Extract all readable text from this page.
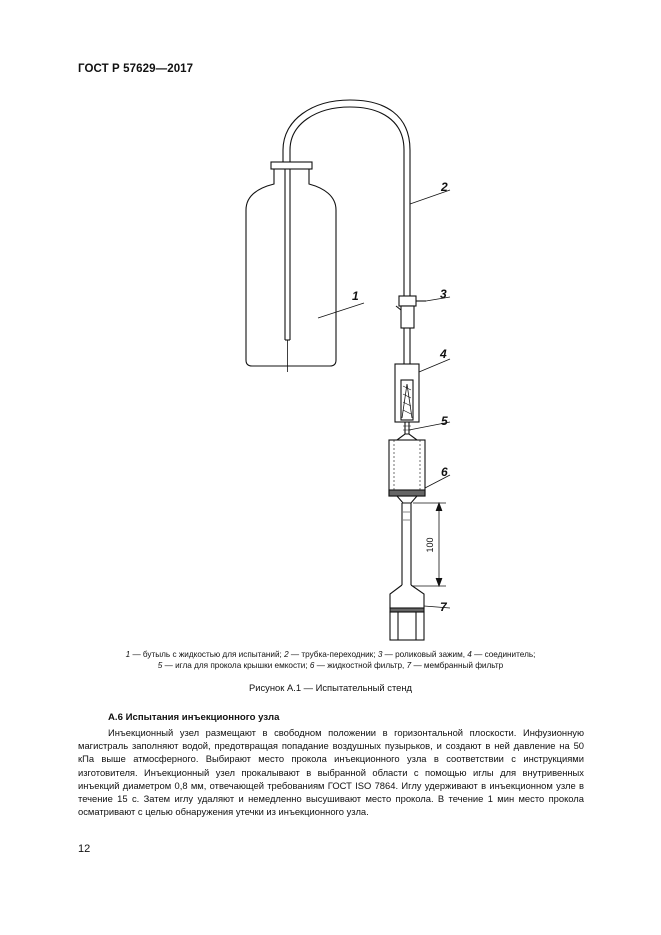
ГОСТ Р 57629—2017
1
2
3
4
5
6
7
100
1 — бутыль с жидкостью для испытаний; 2 — трубка-переходник; 3 — роликовый зажим, 4 — соединитель;
5 — игла для прокола крышки емкости; 6 — жидкостной фильтр, 7 — мембранный фильтр
Рисунок А.1 — Испытательный стенд
А.6 Испытания инъекционного узла
Инъекционный узел размещают в свободном положении в горизонтальной плоскости. Инфузионную магистраль заполняют водой, предотвращая попадание воздушных пузырьков, и создают в ней давление на 50 кПа выше атмосферного. Выбирают место прокола инъекционного узла в соответствии с инструкциями изготовителя. Инъекционный узел прокалывают в выбранной области с помощью иглы для внутривенных инъекций диаметром 0,8 мм, отвечающей требованиям ГОСТ ISO 7864. Иглу удерживают в инъекционном узле в течение 15 с. Затем иглу удаляют и немедленно высушивают место прокола. В течение 1 мин место прокола осматривают с целью обнаружения утечки из инъекционного узла.
12
